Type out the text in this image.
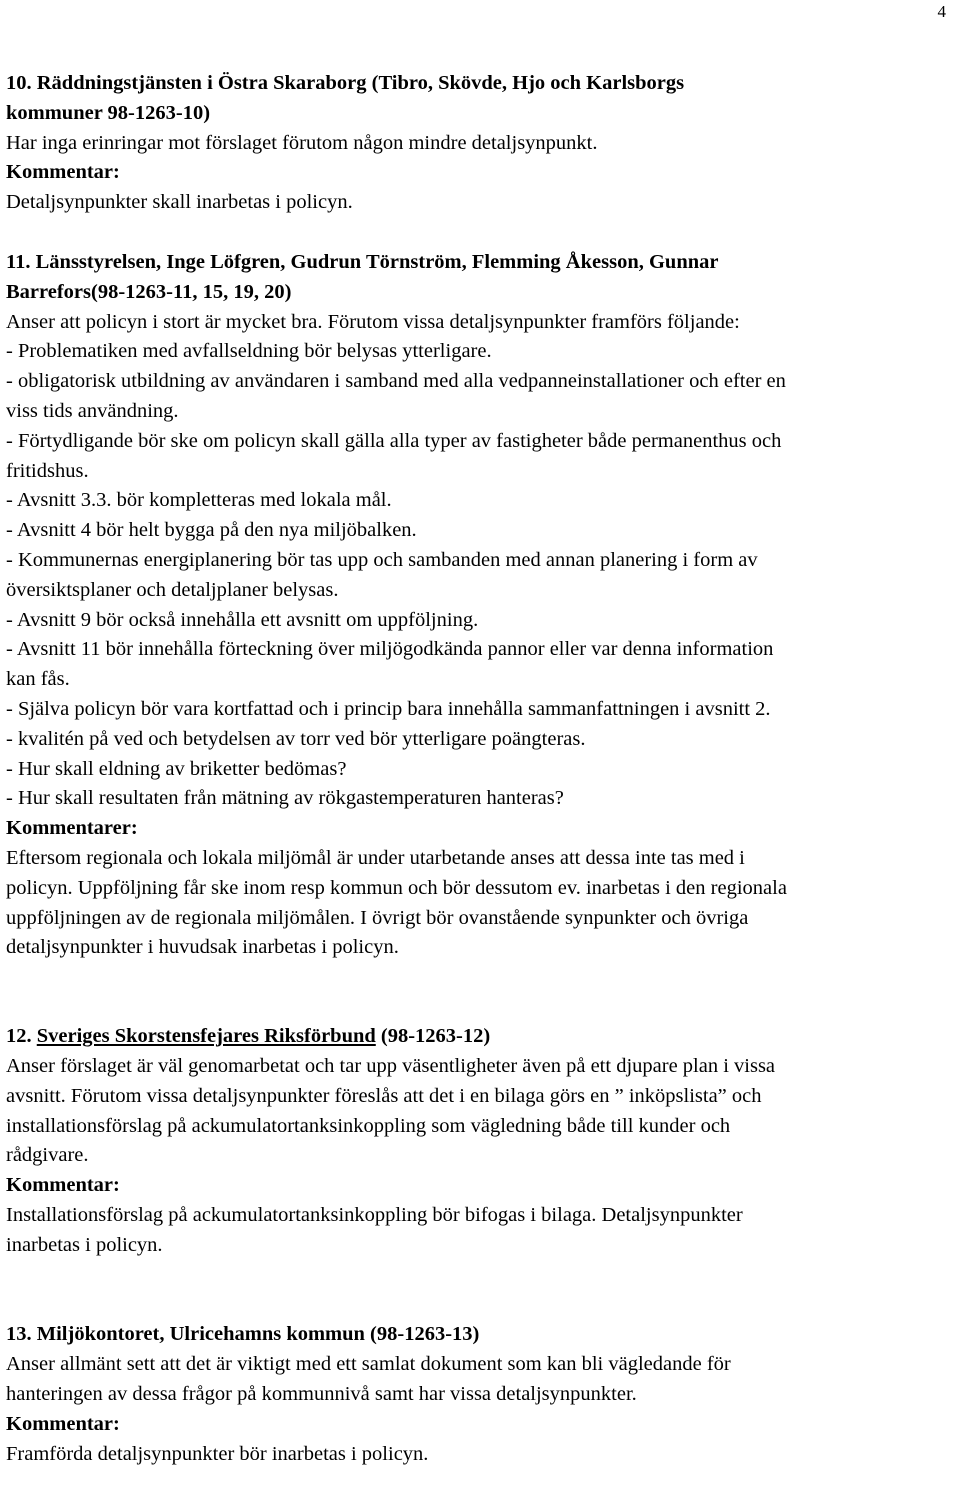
4
10. Räddningstjänsten i Östra Skaraborg (Tibro, Skövde, Hjo och Karlsborgs
kommuner 98-1263-10)
Har inga erinringar mot förslaget förutom någon mindre detaljsynpunkt.
Kommentar:
Detaljsynpunkter skall inarbetas i policyn.
11. Länsstyrelsen, Inge Löfgren, Gudrun Törnström, Flemming Åkesson, Gunnar
Barrefors(98-1263-11, 15, 19, 20)
Anser att policyn i stort är mycket bra. Förutom vissa detaljsynpunkter framförs följande:
- Problematiken med avfallseldning bör belysas ytterligare.
- obligatorisk utbildning av användaren i samband med alla vedpanneinstallationer och efter en
viss tids användning.
- Förtydligande bör ske om policyn skall gälla alla typer av fastigheter både permanenthus och
fritidshus.
- Avsnitt 3.3. bör kompletteras med lokala mål.
- Avsnitt 4 bör helt bygga på den nya miljöbalken.
- Kommunernas energiplanering bör tas upp och sambanden med annan planering i form av
översiktsplaner och detaljplaner belysas.
- Avsnitt 9 bör också innehålla ett avsnitt om uppföljning.
- Avsnitt 11 bör innehålla förteckning över miljögodkända pannor eller var denna information
kan fås.
- Själva policyn bör vara kortfattad och i princip bara innehålla sammanfattningen i avsnitt 2.
- kvalitén på ved och betydelsen av torr ved bör ytterligare poängteras.
- Hur skall eldning av briketter bedömas?
- Hur skall resultaten från mätning av rökgastemperaturen hanteras?
Kommentarer:
Eftersom regionala och lokala miljömål är under utarbetande anses att dessa inte tas med i
policyn. Uppföljning får ske inom resp kommun och bör dessutom ev. inarbetas i den regionala
uppföljningen av de regionala miljömålen. I övrigt bör ovanstående synpunkter och övriga
detaljsynpunkter i huvudsak inarbetas i policyn.
12. Sveriges Skorstensfejares Riksförbund (98-1263-12)
Anser förslaget är väl genomarbetat och tar upp väsentligheter även på ett djupare plan i vissa
avsnitt. Förutom vissa detaljsynpunkter föreslås att det i en bilaga görs en ” inköpslista” och
installationsförslag på ackumulatortanksinkoppling som vägledning både till kunder och
rådgivare.
Kommentar:
Installationsförslag på ackumulatortanksinkoppling bör bifogas i bilaga. Detaljsynpunkter
inarbetas i policyn.
13. Miljökontoret, Ulricehamns kommun (98-1263-13)
Anser allmänt sett att det är viktigt med ett samlat dokument som kan bli vägledande för
hanteringen av dessa frågor på kommunnivå samt har vissa detaljsynpunkter.
Kommentar:
Framförda detaljsynpunkter bör inarbetas i policyn.
